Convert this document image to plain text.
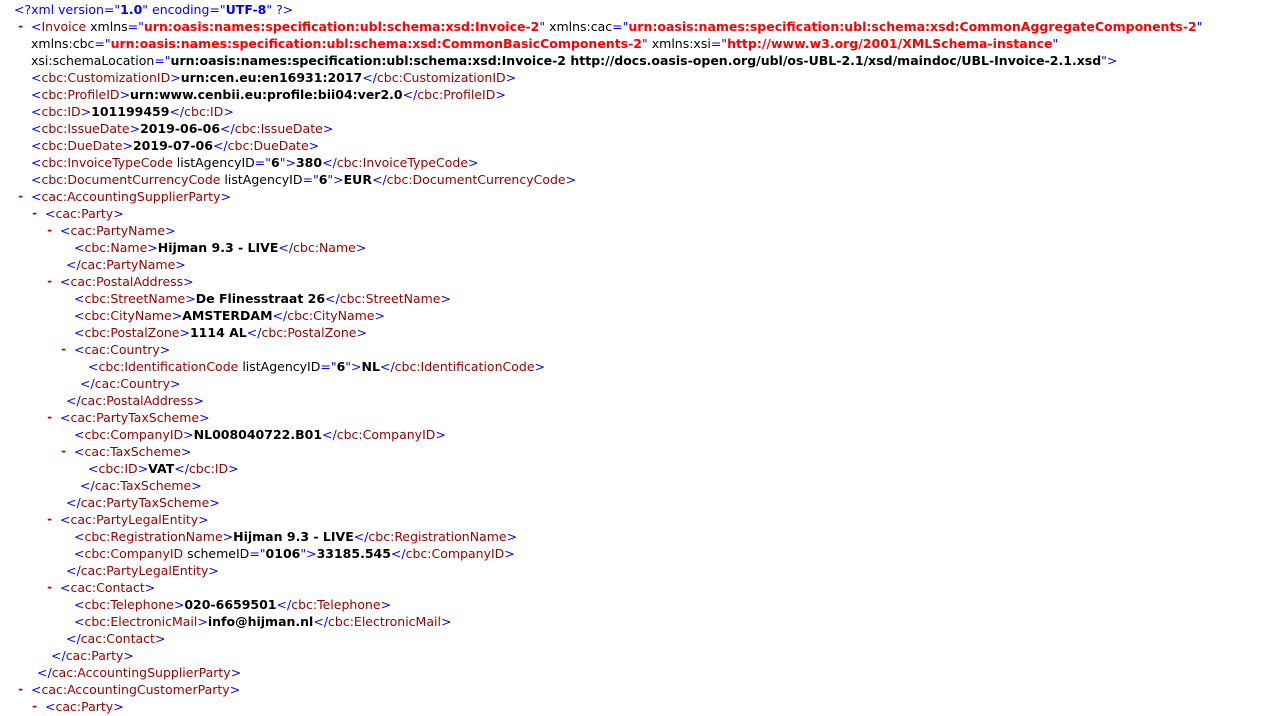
<?xml version="1.0" encoding="UTF-8" ?>
- <Invoice xmlns="urn:oasis:names:specification:ubl:schema:xsd:Invoice-2" xmlns:cac="urn:oasis:names:specification:ubl:schema:xsd:CommonAggregateComponents-2"
xmlns:cbc="urn:oasis:names:specification:ubl:schema:xsd:CommonBasicComponents-2" xmlns:xsi="http://www.w3.org/2001/XMLSchema-instance"
xsi:schemaLocation="urn:oasis:names:specification:ubl:schema:xsd:Invoice-2 http://docs.oasis-open.org/ubl/os-UBL-2.1/xsd/maindoc/UBL-Invoice-2.1.xsd">
<cbc:CustomizationID>urn:cen.eu:en16931:2017</cbc:CustomizationID>
<cbc:ProfileID>urn:www.cenbii.eu:profile:bii04:ver2.0</cbc:ProfileID>
<cbc:ID>101199459</cbc:ID>
<cbc:IssueDate>2019-06-06</cbc:IssueDate>
<cbc:DueDate>2019-07-06</cbc:DueDate>
<cbc:InvoiceTypeCode listAgencyID="6">380</cbc:InvoiceTypeCode>
<cbc:DocumentCurrencyCode listAgencyID="6">EUR</cbc:DocumentCurrencyCode>
- <cac:AccountingSupplierParty>
- <cac:Party>
- <cac:PartyName>
<cbc:Name>Hijman 9.3 - LIVE</cbc:Name>
</cac:PartyName>
- <cac:PostalAddress>
<cbc:StreetName>De Flinesstraat 26</cbc:StreetName>
<cbc:CityName>AMSTERDAM</cbc:CityName>
<cbc:PostalZone>1114 AL</cbc:PostalZone>
- <cac:Country>
<cbc:IdentificationCode listAgencyID="6">NL</cbc:IdentificationCode>
</cac:Country>
</cac:PostalAddress>
- <cac:PartyTaxScheme>
<cbc:CompanyID>NL008040722.B01</cbc:CompanyID>
- <cac:TaxScheme>
<cbc:ID>VAT</cbc:ID>
</cac:TaxScheme>
</cac:PartyTaxScheme>
- <cac:PartyLegalEntity>
<cbc:RegistrationName>Hijman 9.3 - LIVE</cbc:RegistrationName>
<cbc:CompanyID schemeID="0106">33185.545</cbc:CompanyID>
</cac:PartyLegalEntity>
- <cac:Contact>
<cbc:Telephone>020-6659501</cbc:Telephone>
<cbc:ElectronicMail>info@hijman.nl</cbc:ElectronicMail>
</cac:Contact>
</cac:Party>
</cac:AccountingSupplierParty>
- <cac:AccountingCustomerParty>
- <cac:Party>
